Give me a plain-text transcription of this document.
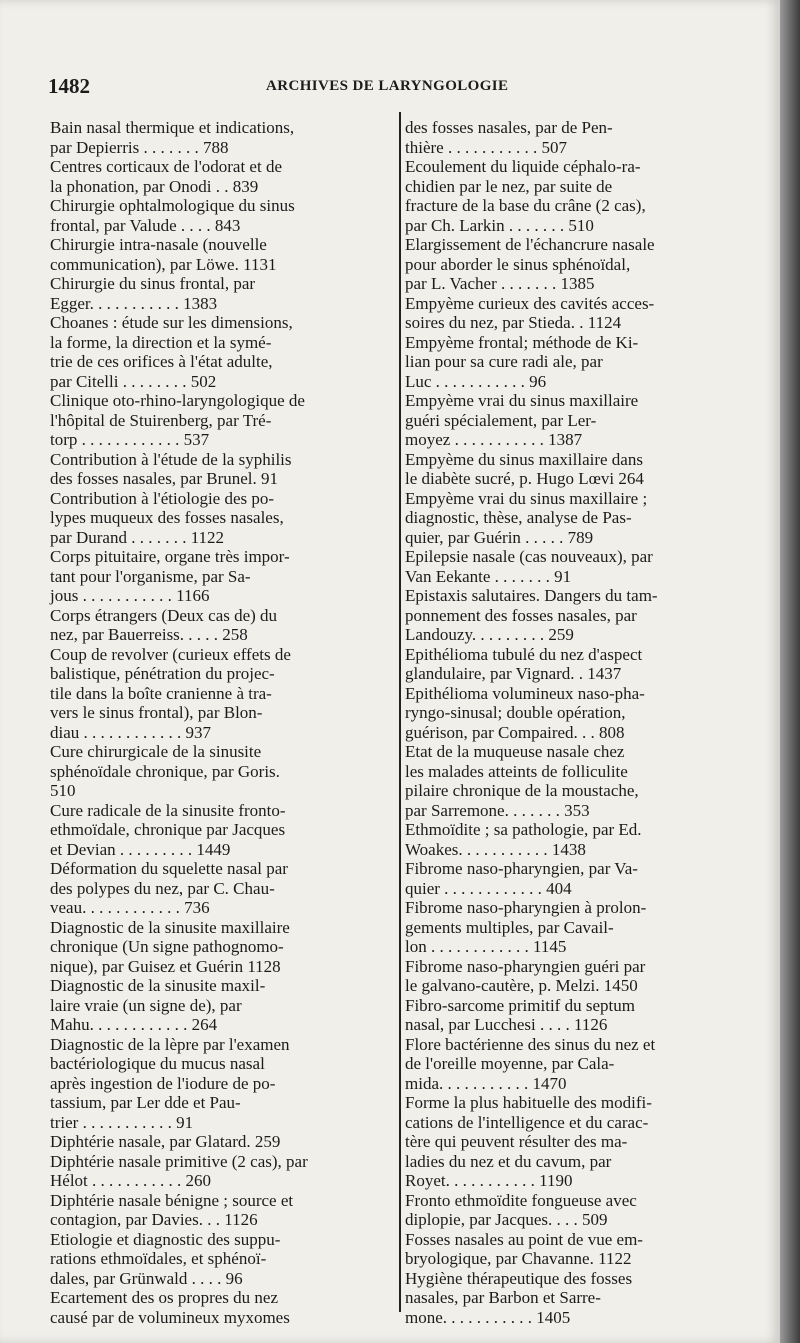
1482	ARCHIVES DE LARYNGOLOGIE

Bain nasal thermique et indications,
par Depierris . . . . . . . 788

Centres corticaux de l'odorat et de
la phonation, par Onodi . . 839

Chirurgie ophtalmologique du sinus
frontal, par Valude . . . . 843

Chirurgie intra-nasale (nouvelle
communication), par Löwe. 1131

Chirurgie du sinus frontal, par
Egger. . . . . . . . . . . 1383

Choanes : étude sur les dimensions,
la forme, la direction et la symé-
trie de ces orifices à l'état adulte,
par Citelli . . . . . . . . 502

Clinique oto-rhino-laryngologique de
l'hôpital de Stuirenberg, par Tré-
torp . . . . . . . . . . . . 537

Contribution à l'étude de la syphilis
des fosses nasales, par Brunel. 91

Contribution à l'étiologie des po-
lypes muqueux des fosses nasales,
par Durand . . . . . . . 1122

Corps pituitaire, organe très impor-
tant pour l'organisme, par Sa-
jous . . . . . . . . . . . 1166

Corps étrangers (Deux cas de) du
nez, par Bauerreiss. . . . . 258

Coup de revolver (curieux effets de
balistique, pénétration du projec-
tile dans la boîte cranienne à tra-
vers le sinus frontal), par Blon-
diau . . . . . . . . . . . . 937

Cure chirurgicale de la sinusite
sphénoïdale chronique, par Goris.
510

Cure radicale de la sinusite fronto-
ethmoïdale, chronique par Jacques
et Devian . . . . . . . . . 1449

Déformation du squelette nasal par
des polypes du nez, par C. Chau-
veau. . . . . . . . . . . . 736

Diagnostic de la sinusite maxillaire
chronique (Un signe pathognomo-
nique), par Guisez et Guérin 1128

Diagnostic de la sinusite maxil-
laire vraie (un signe de), par
Mahu. . . . . . . . . . . . 264

Diagnostic de la lèpre par l'examen
bactériologique du mucus nasal
après ingestion de l'iodure de po-
tassium, par Ler dde et Pau-
trier . . . . . . . . . . . 91

Diphtérie nasale, par Glatard. 259

Diphtérie nasale primitive (2 cas), par
Hélot . . . . . . . . . . . 260

Diphtérie nasale bénigne ; source et
contagion, par Davies. . . 1126

Etiologie et diagnostic des suppu-
rations ethmoïdales, et sphénoï-
dales, par Grünwald . . . . 96

Ecartement des os propres du nez
causé par de volumineux myxomes

des fosses nasales, par de Pen-
thière . . . . . . . . . . . 507

Ecoulement du liquide céphalo-ra-
chidien par le nez, par suite de
fracture de la base du crâne (2 cas),
par Ch. Larkin . . . . . . . 510

Elargissement de l'échancrure nasale
pour aborder le sinus sphénoïdal,
par L. Vacher . . . . . . . 1385

Empyème curieux des cavités acces-
soires du nez, par Stieda. . 1124

Empyème frontal; méthode de Ki-
lian pour sa cure radi ale, par
Luc . . . . . . . . . . . 96

Empyème vrai du sinus maxillaire
guéri spécialement, par Ler-
moyez . . . . . . . . . . . 1387

Empyème du sinus maxillaire dans
le diabète sucré, p. Hugo Lœvi 264

Empyème vrai du sinus maxillaire ;
diagnostic, thèse, analyse de Pas-
quier, par Guérin . . . . . 789

Epilepsie nasale (cas nouveaux), par
Van Eekante . . . . . . . 91

Epistaxis salutaires. Dangers du tam-
ponnement des fosses nasales, par
Landouzy. . . . . . . . . 259

Epithélioma tubulé du nez d'aspect
glandulaire, par Vignard. . 1437

Epithélioma volumineux naso-pha-
ryngo-sinusal; double opération,
guérison, par Compaired. . . 808

Etat de la muqueuse nasale chez
les malades atteints de folliculite
pilaire chronique de la moustache,
par Sarremone. . . . . . . 353

Ethmoïdite ; sa pathologie, par Ed.
Woakes. . . . . . . . . . . 1438

Fibrome naso-pharyngien, par Va-
quier . . . . . . . . . . . . 404

Fibrome naso-pharyngien à prolon-
gements multiples, par Cavail-
lon . . . . . . . . . . . . 1145

Fibrome naso-pharyngien guéri par
le galvano-cautère, p. Melzi. 1450

Fibro-sarcome primitif du septum
nasal, par Lucchesi . . . . 1126

Flore bactérienne des sinus du nez et
de l'oreille moyenne, par Cala-
mida. . . . . . . . . . . 1470

Forme la plus habituelle des modifi-
cations de l'intelligence et du carac-
tère qui peuvent résulter des ma-
ladies du nez et du cavum, par
Royet. . . . . . . . . . . 1190

Fronto ethmoïdite fongueuse avec
diplopie, par Jacques. . . . 509

Fosses nasales au point de vue em-
bryologique, par Chavanne. 1122

Hygiène thérapeutique des fosses
nasales, par Barbon et Sarre-
mone. . . . . . . . . . . 1405
